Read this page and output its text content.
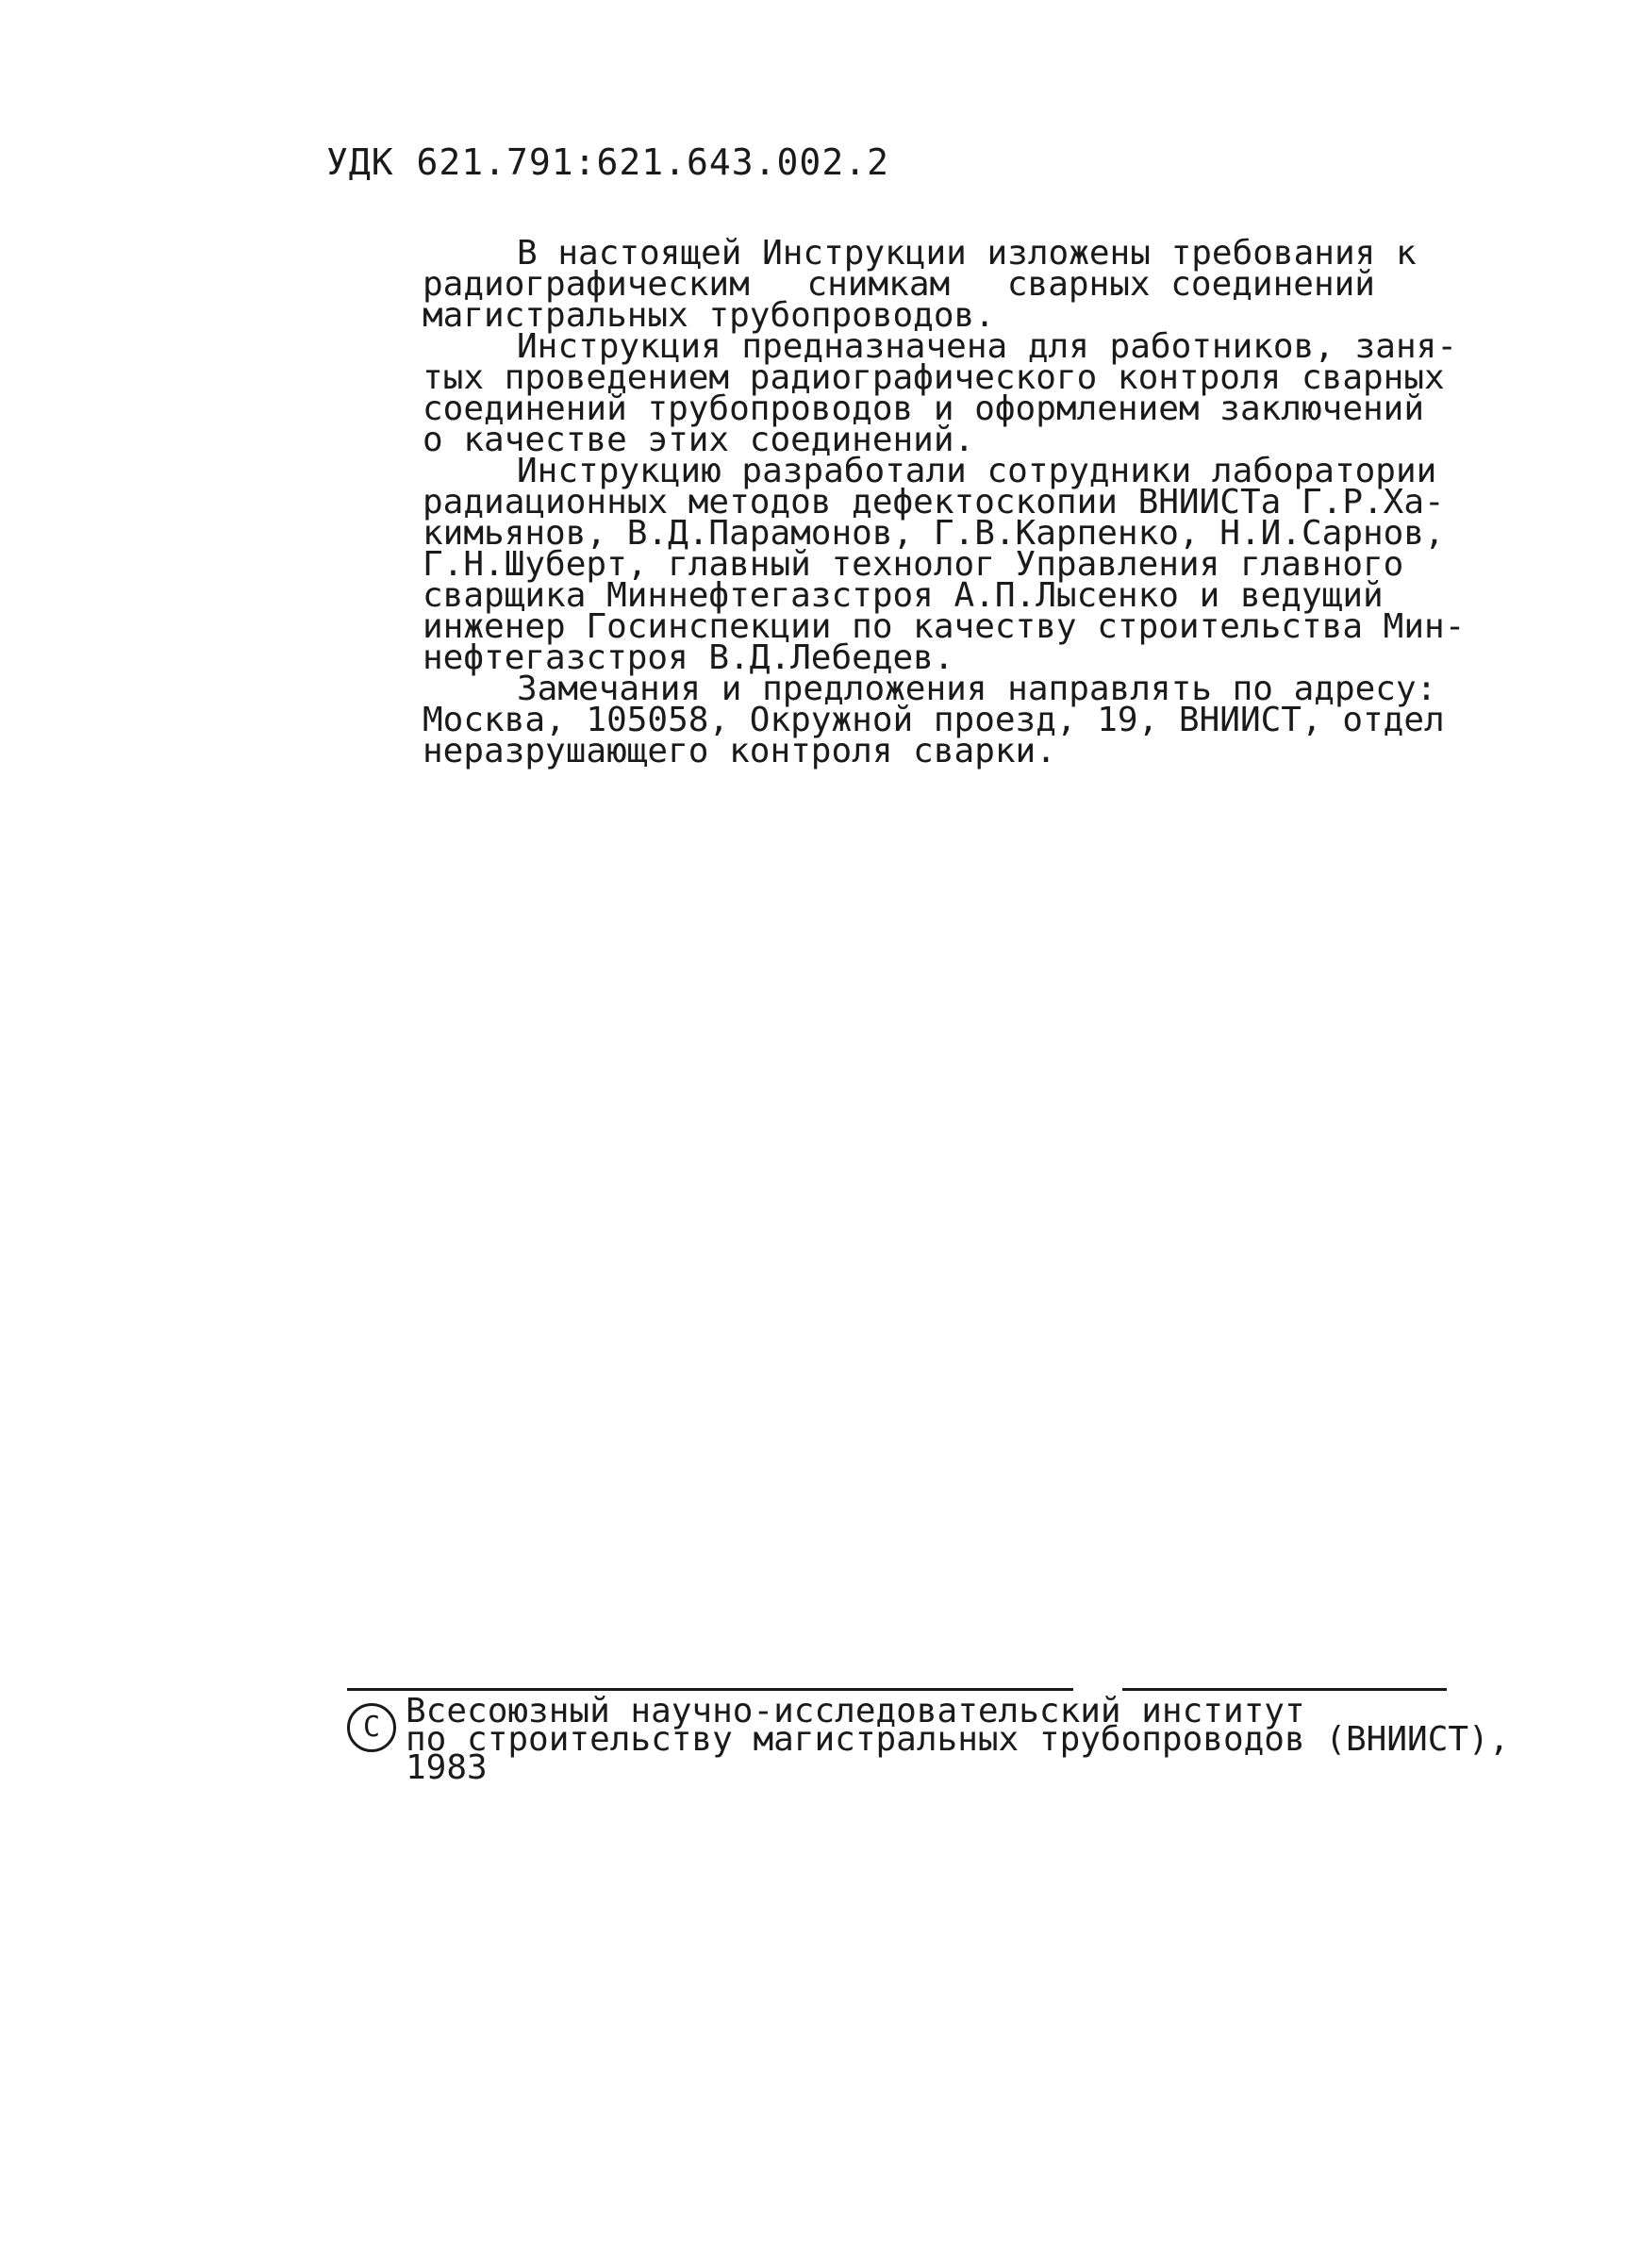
УДК 621.791:621.643.002.2
В настоящей Инструкции изложены требования к
радиографическим снимкам сварных соединений
магистральных трубопроводов.
Инструкция предназначена для работников, заня-
тых проведением радиографического контроля сварных
соединений трубопроводов и оформлением заключений
о качестве этих соединений.
Инструкцию разработали сотрудники лаборатории
радиационных методов дефектоскопии ВНИИСТа Г.Р.Ха-
кимьянов, В.Д.Парамонов, Г.В.Карпенко, Н.И.Сарнов,
Г.Н.Шуберт, главный технолог Управления главного
сварщика Миннефтегазстроя А.П.Лысенко и ведущий
инженер Госинспекции по качеству строительства Мин-
нефтегазстроя В.Д.Лебедев.
Замечания и предложения направлять по адресу:
Москва, 105058, Окружной проезд, 19, ВНИИСТ, отдел
неразрушающего контроля сварки.
С Всесоюзный научно-исследовательский институт
по строительству магистральных трубопроводов (ВНИИСТ),
1983
